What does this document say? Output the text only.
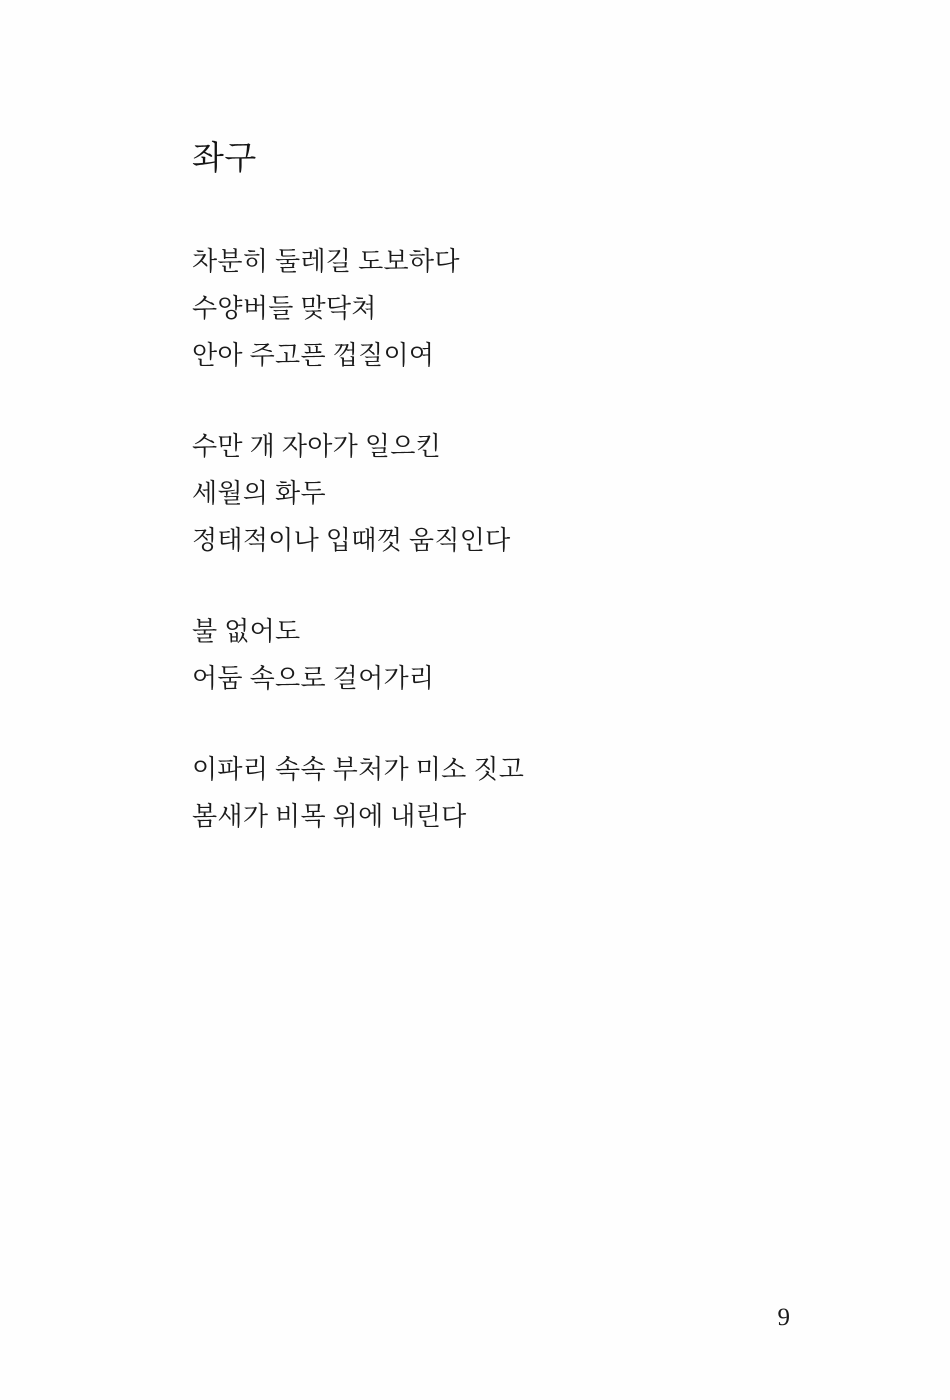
좌구
차분히 둘레길 도보하다
수양버들 맞닥쳐
안아 주고픈 껍질이여
수만 개 자아가 일으킨
세월의 화두
정태적이나 입때껏 움직인다
불 없어도
어둠 속으로 걸어가리
이파리 속속 부처가 미소 짓고
봄새가 비목 위에 내린다
9
